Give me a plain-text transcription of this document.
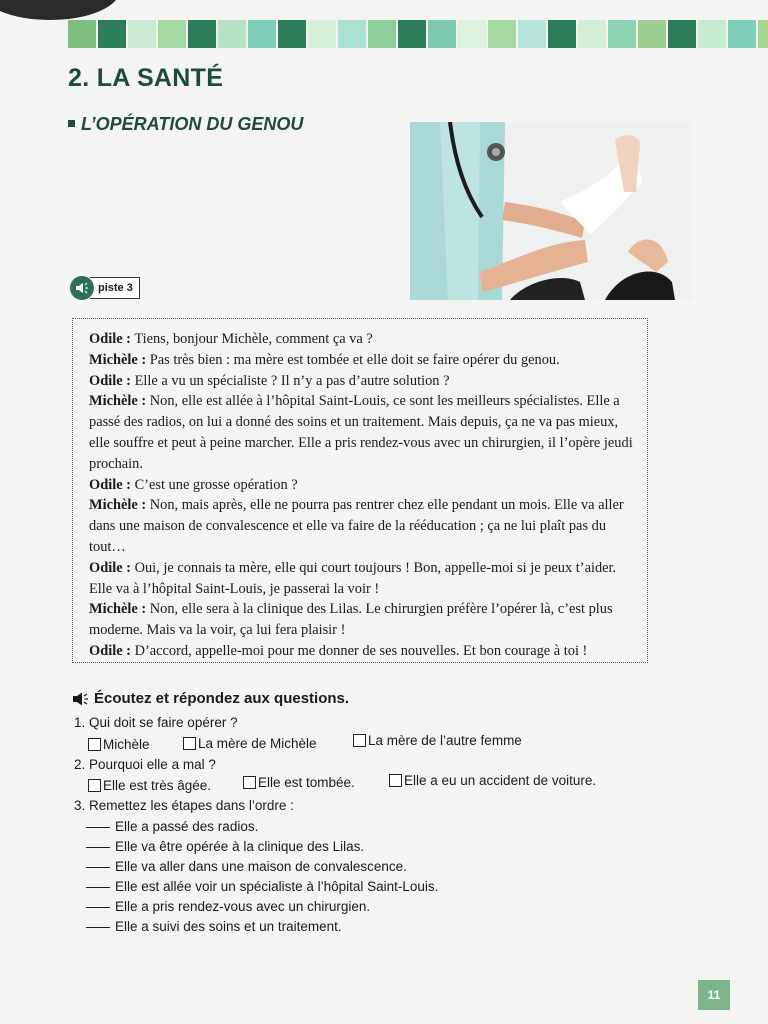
2. LA SANTÉ
L’OPÉRATION DU GENOU
piste 3

Odile : Tiens, bonjour Michèle, comment ça va ?

Michèle : Pas très bien : ma mère est tombée et elle doit se faire opérer du genou.

Odile : Elle a vu un spécialiste ? Il n’y a pas d’autre solution ?

Michèle : Non, elle est allée à l’hôpital Saint-Louis, ce sont les meilleurs spécialistes. Elle a passé des radios, on lui a donné des soins et un traitement. Mais depuis, ça ne va pas mieux, elle souffre et peut à peine marcher. Elle a pris rendez-vous avec un chirurgien, il l’opère jeudi prochain.

Odile : C’est une grosse opération ?

Michèle : Non, mais après, elle ne pourra pas rentrer chez elle pendant un mois. Elle va aller dans une maison de convalescence et elle va faire de la rééducation ; ça ne lui plaît pas du tout…

Odile : Oui, je connais ta mère, elle qui court toujours ! Bon, appelle-moi si je peux t’aider. Elle va à l’hôpital Saint-Louis, je passerai la voir !

Michèle : Non, elle sera à la clinique des Lilas. Le chirurgien préfère l’opérer là, c’est plus moderne. Mais va la voir, ça lui fera plaisir !

Odile : D’accord, appelle-moi pour me donner de ses nouvelles. Et bon courage à toi !

Écoutez et répondez aux questions.

1. Qui doit se faire opérer ?

Michèle	La mère de Michèle	La mère de l’autre femme

2. Pourquoi elle a mal ?

Elle est très âgée.	Elle est tombée.	Elle a eu un accident de voiture.

3. Remettez les étapes dans l’ordre :

Elle a passé des radios.
Elle va être opérée à la clinique des Lilas.
Elle va aller dans une maison de convalescence.
Elle est allée voir un spécialiste à l’hôpital Saint-Louis.
Elle a pris rendez-vous avec un chirurgien.
Elle a suivi des soins et un traitement.
11
